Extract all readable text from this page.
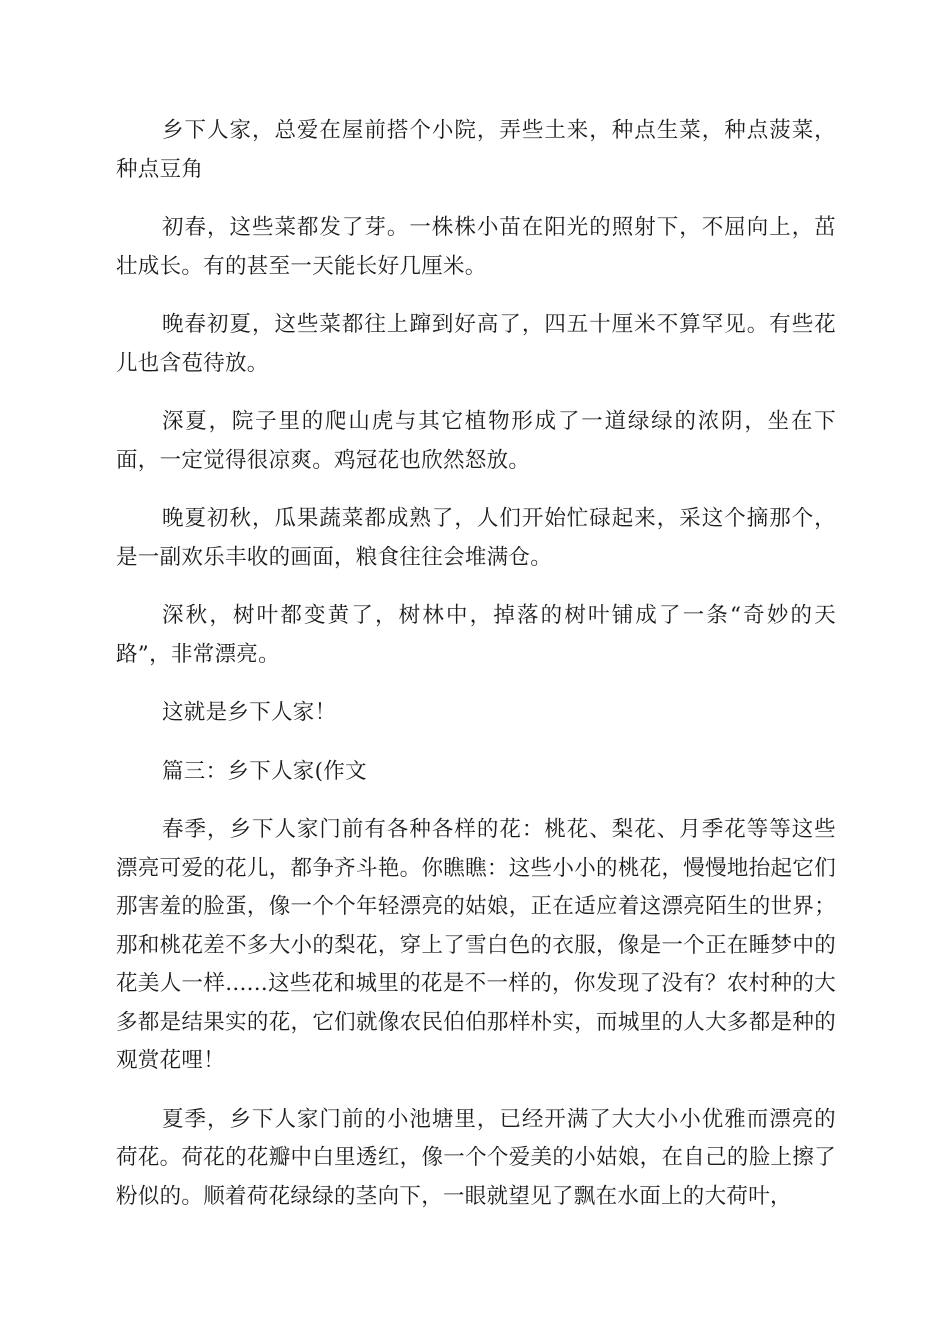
乡下人家，总爱在屋前搭个小院，弄些土来，种点生菜，种点菠菜，种点豆角

初春，这些菜都发了芽。一株株小苗在阳光的照射下，不屈向上，茁壮成长。有的甚至一天能长好几厘米。

晚春初夏，这些菜都往上蹿到好高了，四五十厘米不算罕见。有些花儿也含苞待放。

深夏，院子里的爬山虎与其它植物形成了一道绿绿的浓阴，坐在下面，一定觉得很凉爽。鸡冠花也欣然怒放。

晚夏初秋，瓜果蔬菜都成熟了，人们开始忙碌起来，采这个摘那个，是一副欢乐丰收的画面，粮食往往会堆满仓。

深秋，树叶都变黄了，树林中，掉落的树叶铺成了一条“奇妙的天路”，非常漂亮。

这就是乡下人家！

篇三：乡下人家(作文

春季，乡下人家门前有各种各样的花：桃花、梨花、月季花等等这些漂亮可爱的花儿，都争齐斗艳。你瞧瞧：这些小小的桃花，慢慢地抬起它们那害羞的脸蛋，像一个个年轻漂亮的姑娘，正在适应着这漂亮陌生的世界；那和桃花差不多大小的梨花，穿上了雪白色的衣服，像是一个正在睡梦中的花美人一样......这些花和城里的花是不一样的，你发现了没有？农村种的大多都是结果实的花，它们就像农民伯伯那样朴实，而城里的人大多都是种的观赏花哩！

夏季，乡下人家门前的小池塘里，已经开满了大大小小优雅而漂亮的荷花。荷花的花瓣中白里透红，像一个个爱美的小姑娘，在自己的脸上擦了粉似的。顺着荷花绿绿的茎向下，一眼就望见了飘在水面上的大荷叶，
